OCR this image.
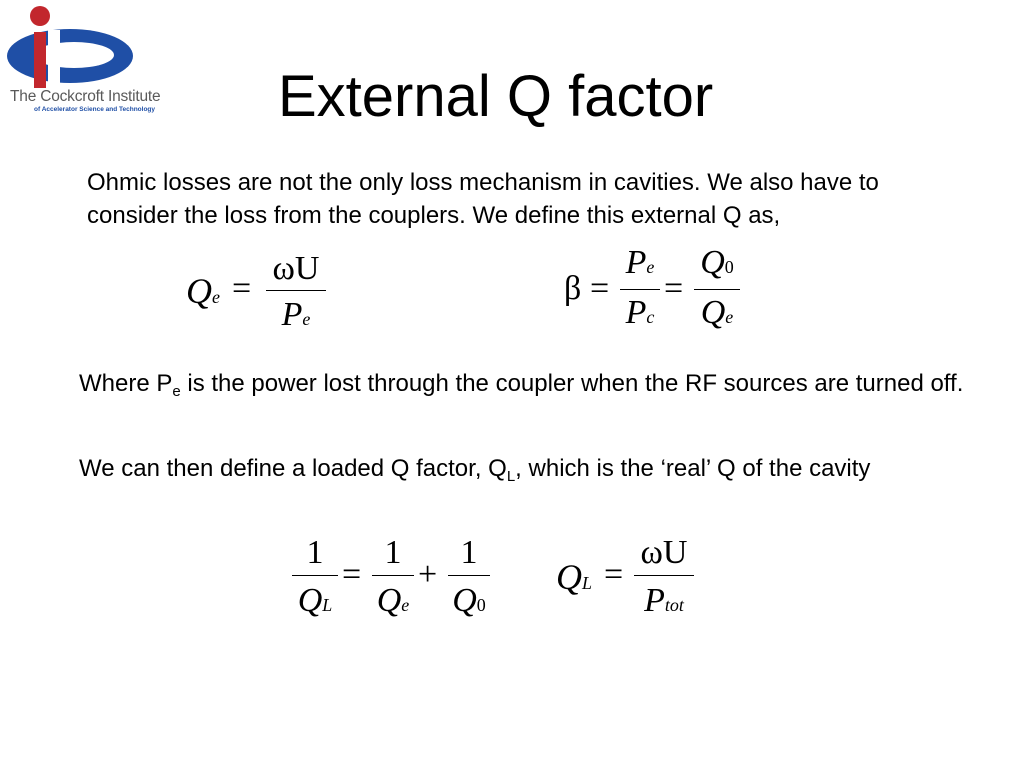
The Cockcroft Institute
of Accelerator Science and Technology External Q factor
Ohmic losses are not the only loss mechanism in cavities. We also have to consider the loss from the couplers. We define this external Q as,
Qe =
ωU
Pe
β =
Pe
Pc
=
Q0
Qe
Where $P_e$ is the power lost through the coupler when the RF sources are turned off.
We can then define a loaded Q factor, $Q_L$, which is the ‘real’ Q of the cavity
1
QL
=
1
Qe
+
1
Q0
QL =
ωU
Ptot
